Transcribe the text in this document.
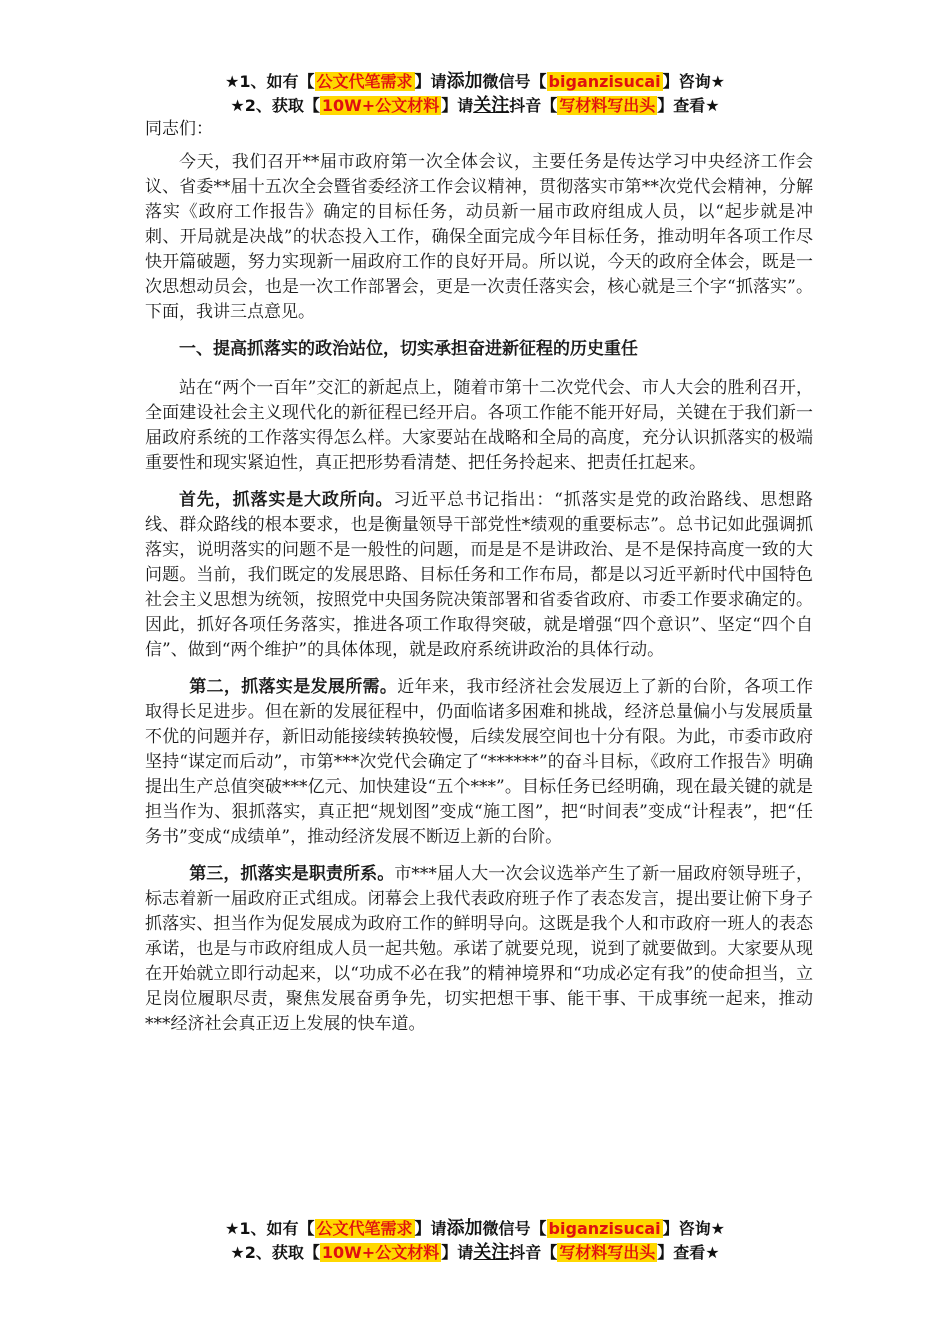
★1、如有【 公文代笔需求 】请添加微信号【 biganzisucai 】咨询★
★2、获取【 10W+公文材料 】请关注抖音【 写材料写出头 】查看★

同志们：

今天，我们召开**届市政府第一次全体会议，主要任务是传达学习中央经济工作会议、省委**届十五次全会暨省委经济工作会议精神，贯彻落实市第**次党代会精神，分解落实《政府工作报告》确定的目标任务，动员新一届市政府组成人员，以“起步就是冲刺、开局就是决战”的状态投入工作，确保全面完成今年目标任务，推动明年各项工作尽快开篇破题，努力实现新一届政府工作的良好开局。所以说，今天的政府全体会，既是一次思想动员会，也是一次工作部署会，更是一次责任落实会，核心就是三个字“抓落实”。下面，我讲三点意见。

一、提高抓落实的政治站位，切实承担奋进新征程的历史重任

站在“两个一百年”交汇的新起点上，随着市第十二次党代会、市人大会的胜利召开，全面建设社会主义现代化的新征程已经开启。各项工作能不能开好局，关键在于我们新一届政府系统的工作落实得怎么样。大家要站在战略和全局的高度，充分认识抓落实的极端重要性和现实紧迫性，真正把形势看清楚、把任务拎起来、把责任扛起来。

首先，抓落实是大政所向。习近平总书记指出：“抓落实是党的政治路线、思想路线、群众路线的根本要求，也是衡量领导干部党性*绩观的重要标志”。总书记如此强调抓落实，说明落实的问题不是一般性的问题，而是是不是讲政治、是不是保持高度一致的大问题。当前，我们既定的发展思路、目标任务和工作布局，都是以习近平新时代中国特色社会主义思想为统领，按照党中央国务院决策部署和省委省政府、市委工作要求确定的。因此，抓好各项任务落实，推进各项工作取得突破，就是增强“四个意识”、坚定“四个自信”、做到“两个维护”的具体体现，就是政府系统讲政治的具体行动。

第二，抓落实是发展所需。近年来，我市经济社会发展迈上了新的台阶，各项工作取得长足进步。但在新的发展征程中，仍面临诸多困难和挑战，经济总量偏小与发展质量不优的问题并存，新旧动能接续转换较慢，后续发展空间也十分有限。为此，市委市政府坚持“谋定而后动”，市第***次党代会确定了“******”的奋斗目标，《政府工作报告》明确提出生产总值突破***亿元、加快建设“五个***”。目标任务已经明确，现在最关键的就是担当作为、狠抓落实，真正把“规划图”变成“施工图”，把“时间表”变成“计程表”，把“任务书”变成“成绩单”，推动经济发展不断迈上新的台阶。

第三，抓落实是职责所系。市***届人大一次会议选举产生了新一届政府领导班子，标志着新一届政府正式组成。闭幕会上我代表政府班子作了表态发言，提出要让俯下身子抓落实、担当作为促发展成为政府工作的鲜明导向。这既是我个人和市政府一班人的表态承诺，也是与市政府组成人员一起共勉。承诺了就要兑现，说到了就要做到。大家要从现在开始就立即行动起来，以“功成不必在我”的精神境界和“功成必定有我”的使命担当，立足岗位履职尽责，聚焦发展奋勇争先，切实把想干事、能干事、干成事统一起来，推动***经济社会真正迈上发展的快车道。

★1、如有【 公文代笔需求 】请添加微信号【 biganzisucai 】咨询★
★2、获取【 10W+公文材料 】请关注抖音【 写材料写出头 】查看★
